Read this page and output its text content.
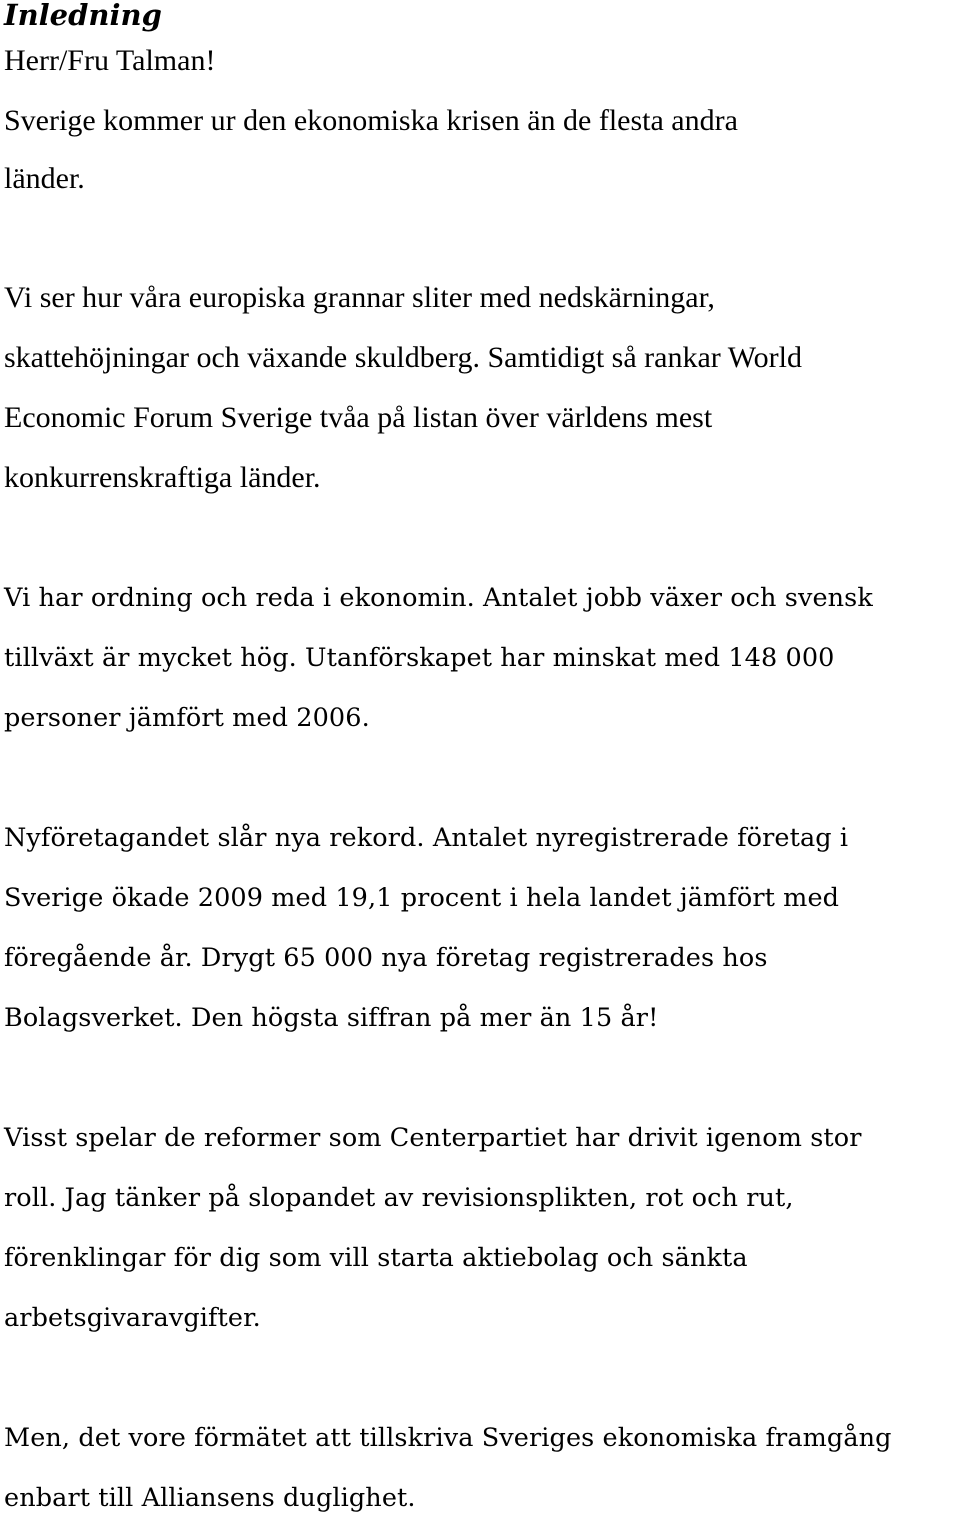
Inledning
Herr/Fru Talman!
Sverige kommer ur den ekonomiska krisen än de flesta andra
länder.
Vi ser hur våra europiska grannar sliter med nedskärningar,
skattehöjningar och växande skuldberg. Samtidigt så rankar World
Economic Forum Sverige tvåa på listan över världens mest
konkurrenskraftiga länder.
Vi har ordning och reda i ekonomin. Antalet jobb växer och svensk
tillväxt är mycket hög. Utanförskapet har minskat med 148 000
personer jämfört med 2006.
Nyföretagandet slår nya rekord. Antalet nyregistrerade företag i
Sverige ökade 2009 med 19,1 procent i hela landet jämfört med
föregående år. Drygt 65 000 nya företag registrerades hos
Bolagsverket. Den högsta siffran på mer än 15 år!
Visst spelar de reformer som Centerpartiet har drivit igenom stor
roll. Jag tänker på slopandet av revisionsplikten, rot och rut,
förenklingar för dig som vill starta aktiebolag och sänkta
arbetsgivaravgifter.
Men, det vore förmätet att tillskriva Sveriges ekonomiska framgång
enbart till Alliansens duglighet.
